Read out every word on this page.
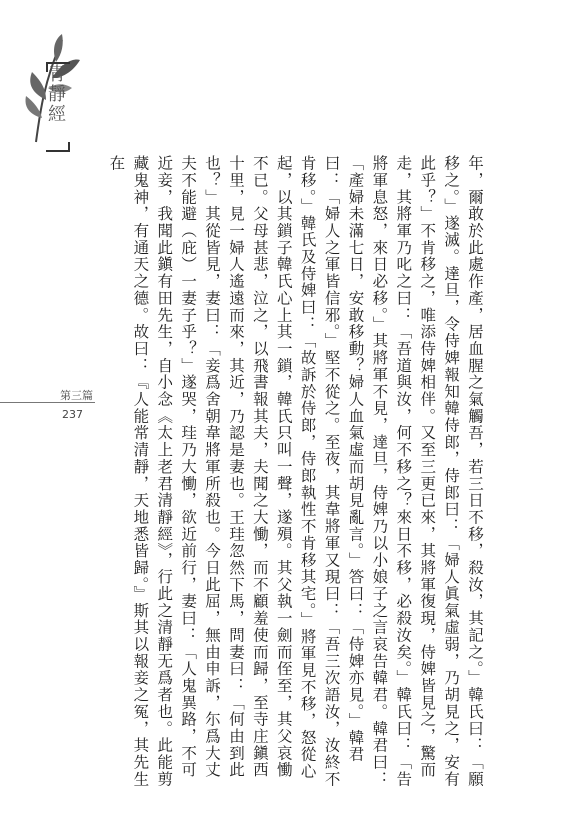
青靜經
第三篇
237	年，爾敢於此處作產，居血腥之氣觸吾，若三日不移，殺汝，其記之。」韓氏曰：「願移之。」遂滅。達旦，令侍婢報知韓侍郎，侍郎曰：「婦人眞氣虛弱，乃胡見之，安有此乎？」不肯移之，唯添侍婢相伴。又至三更已來，其將軍復現，侍婢皆見之，驚而走，其將軍乃叱之曰：「吾道與汝，何不移之？來日不移，必殺汝矣。」韓氏曰：「告將軍息怒，來日必移。」其將軍不見，達旦，侍婢乃以小娘子之言哀告韓君。韓君曰：「產婦未滿七日，安敢移動？婦人血氣虛而胡見亂言。」答曰：「侍婢亦見。」韓君曰：「婦人之軍皆信邪。」堅不從之。至夜，其韋將軍又現曰：「吾三次語汝，汝終不肯移。」韓氏及侍婢曰：「故訴於侍郎，侍郎執性不肯移其宅。」將軍見不移，怒從心起，以其鎖子韓氏心上其一鎖，韓氏只叫一聲，遂殞。其父執一劍而侄至，其父哀慟不已。父母甚悲，泣之，以飛書報其夫，夫聞之大慟，而不顧羞使而歸，至寺庄鎭西十里，見一婦人遙遠而來，其近，乃認是妻也。王珪忽然下馬，問妻曰：「何由到此也？」其從皆見，妻曰：「妾爲舍朝韋將軍所殺也。今日此屈，無由申訴，尓爲大丈夫不能避（庇）一妻子乎？」遂哭，珪乃大慟，欲近前行，妻曰：「人鬼異路，不可近妾，我聞此鎭有田先生，自小念《太上老君清靜經》，行此之清靜无爲者也。此能剪藏鬼神，有通天之德。故曰：『人能常清靜，天地悉皆歸。』斯其以報妾之冤，其先生在
